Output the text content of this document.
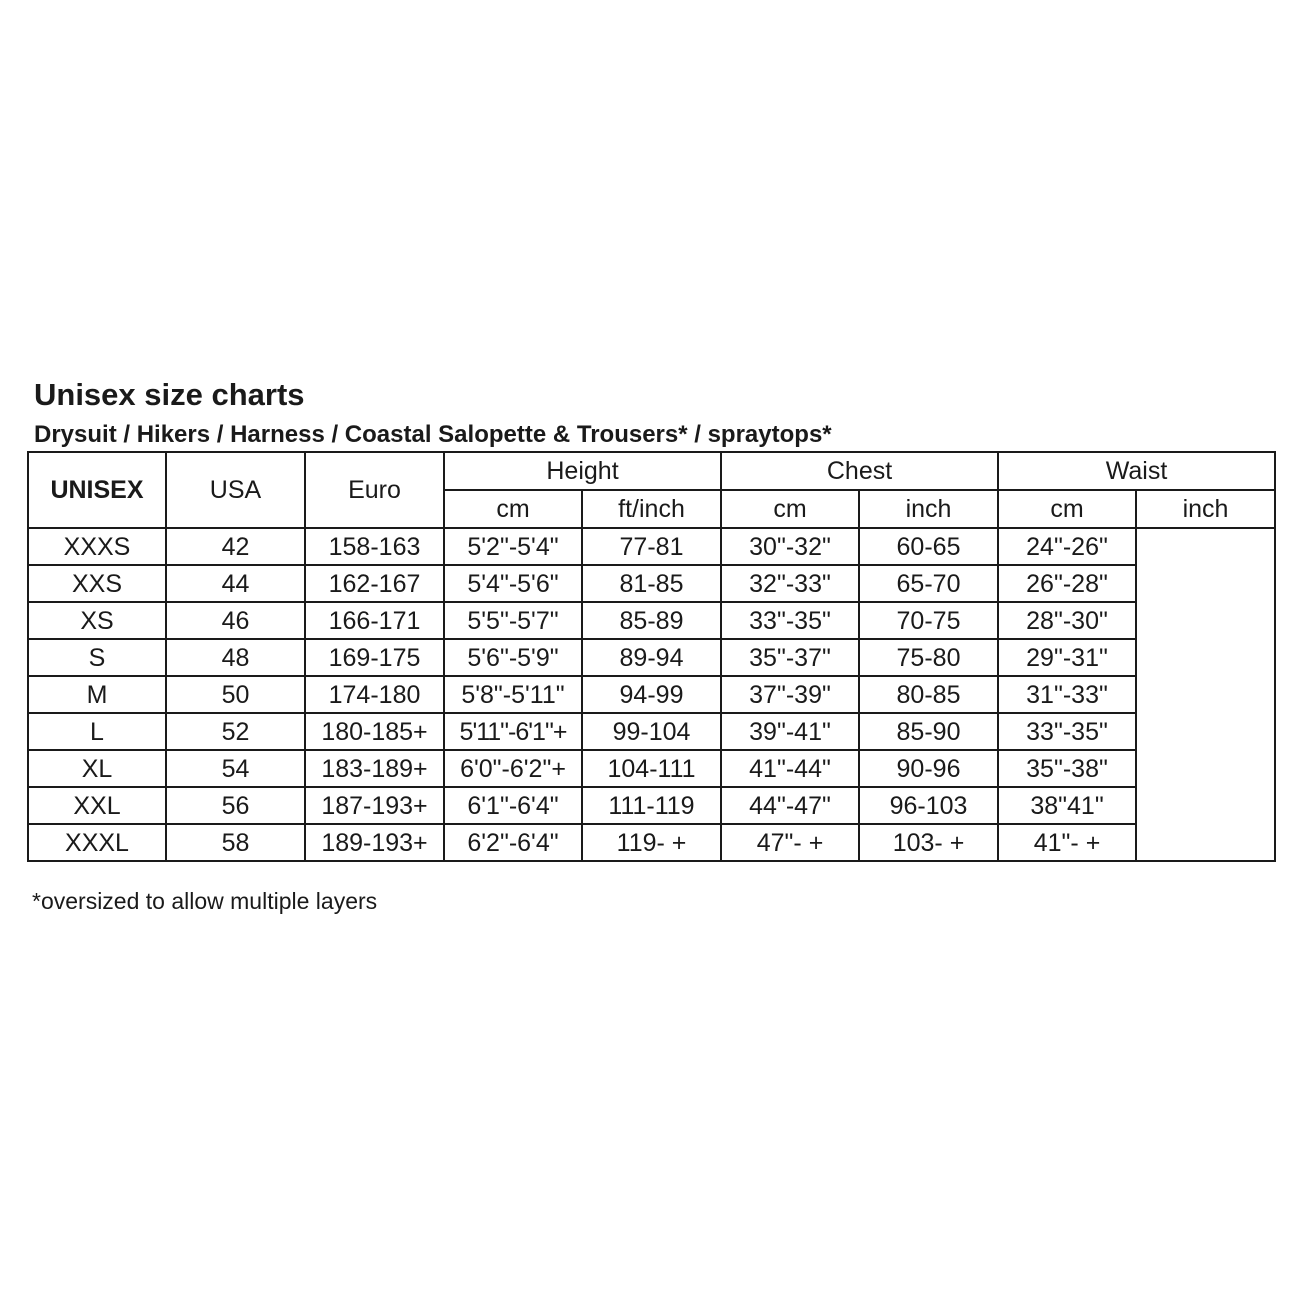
Unisex size charts
Drysuit / Hikers / Harness / Coastal Salopette & Trousers* / spraytops*
UNISEX	USA	Euro	Height		Chest		Waist	
			cm	ft/inch	cm	inch	cm	inch
XXXS	42	158-163	5'2"-5'4"	77-81	30"-32"	60-65	24"-26"	
XXS	44	162-167	5'4"-5'6"	81-85	32"-33"	65-70	26"-28"	
XS	46	166-171	5'5"-5'7"	85-89	33"-35"	70-75	28"-30"	
S	48	169-175	5'6"-5'9"	89-94	35"-37"	75-80	29"-31"	
M	50	174-180	5'8"-5'11"	94-99	37"-39"	80-85	31"-33"	
L	52	180-185+	5'11"-6'1"+	99-104	39"-41"	85-90	33"-35"	
XL	54	183-189+	6'0"-6'2"+	104-111	41"-44"	90-96	35"-38"	
XXL	56	187-193+	6'1"-6'4"	111-119	44"-47"	96-103	38"41"	
XXXL	58	189-193+	6'2"-6'4"	119- +	47"- +	103- +	41"- +	

*oversized to allow multiple layers
